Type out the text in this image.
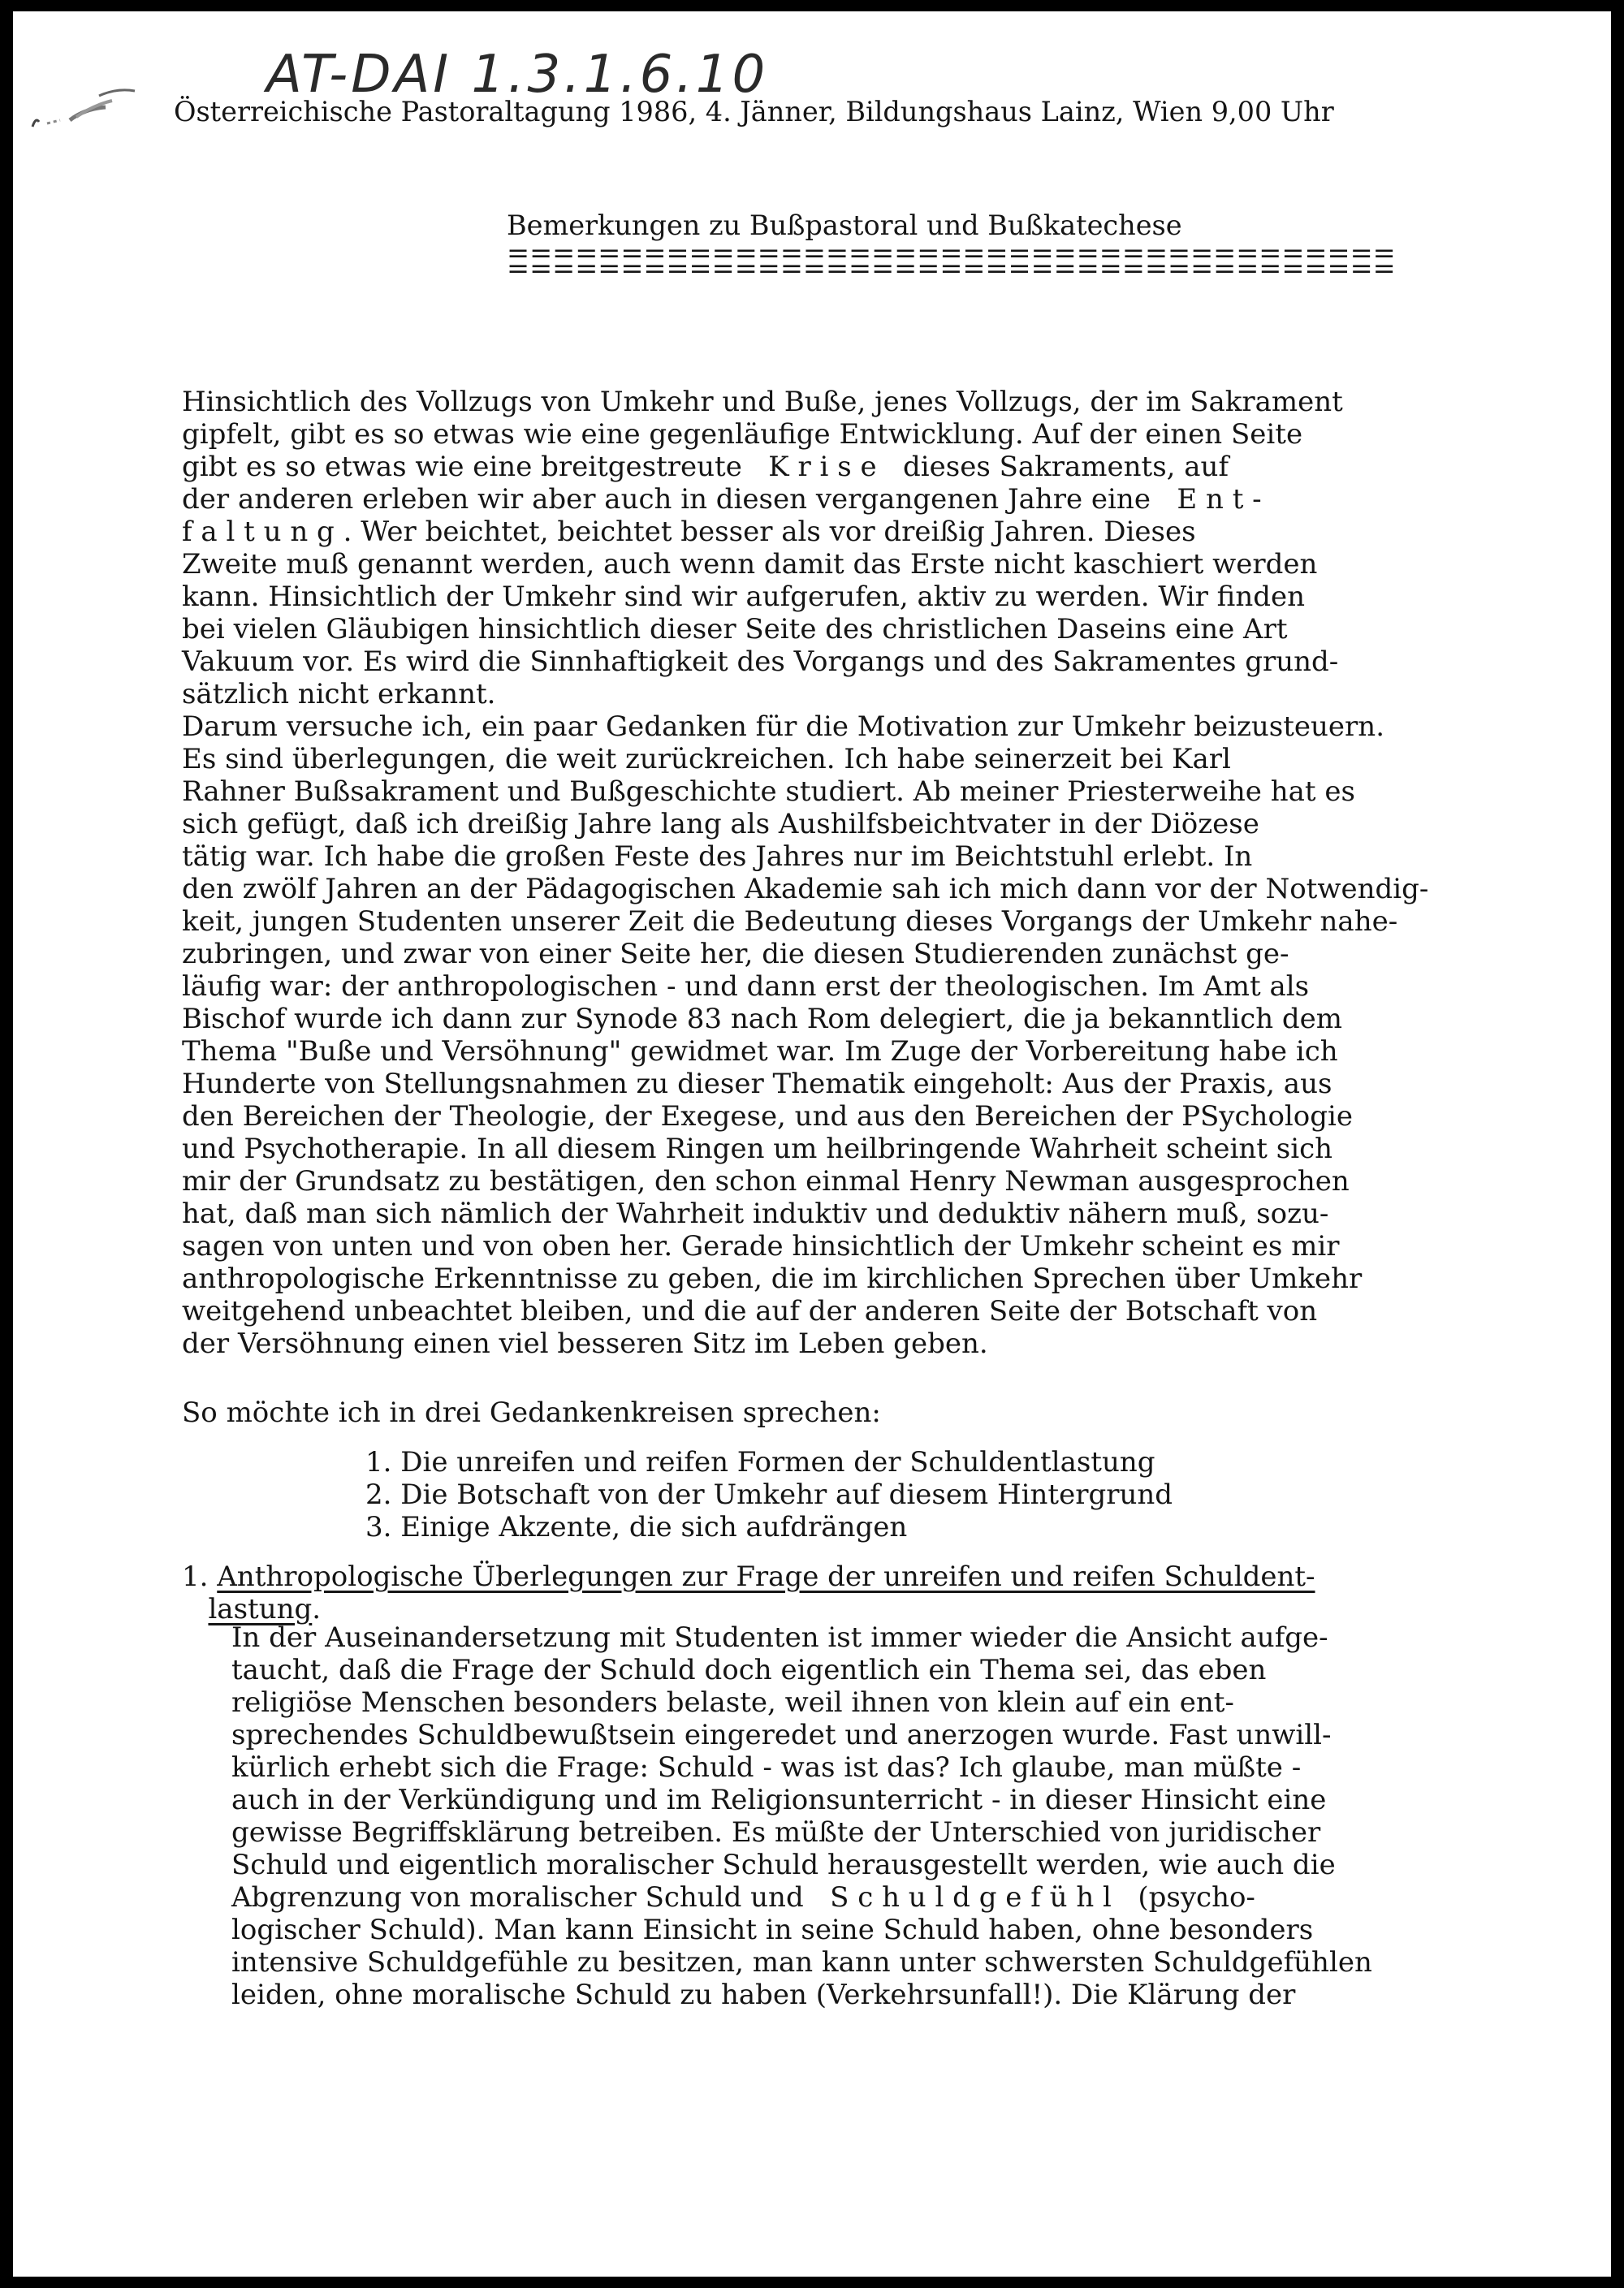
AT-DAI 1.3.1.6.10
Österreichische Pastoraltagung 1986, 4. Jänner, Bildungshaus Lainz, Wien 9,00 Uhr
Bemerkungen zu Bußpastoral und Bußkatechese
=======================================
=======================================
Hinsichtlich des Vollzugs von Umkehr und Buße, jenes Vollzugs, der im Sakrament
gipfelt, gibt es so etwas wie eine gegenläufige Entwicklung. Auf der einen Seite
gibt es so etwas wie eine breitgestreute   K r i s e   dieses Sakraments, auf
der anderen erleben wir aber auch in diesen vergangenen Jahre eine   E n t -
f a l t u n g . Wer beichtet, beichtet besser als vor dreißig Jahren. Dieses
Zweite muß genannt werden, auch wenn damit das Erste nicht kaschiert werden
kann. Hinsichtlich der Umkehr sind wir aufgerufen, aktiv zu werden. Wir finden
bei vielen Gläubigen hinsichtlich dieser Seite des christlichen Daseins eine Art
Vakuum vor. Es wird die Sinnhaftigkeit des Vorgangs und des Sakramentes grund-
sätzlich nicht erkannt.
Darum versuche ich, ein paar Gedanken für die Motivation zur Umkehr beizusteuern.
Es sind überlegungen, die weit zurückreichen. Ich habe seinerzeit bei Karl
Rahner Bußsakrament und Bußgeschichte studiert. Ab meiner Priesterweihe hat es
sich gefügt, daß ich dreißig Jahre lang als Aushilfsbeichtvater in der Diözese
tätig war. Ich habe die großen Feste des Jahres nur im Beichtstuhl erlebt. In
den zwölf Jahren an der Pädagogischen Akademie sah ich mich dann vor der Notwendig-
keit, jungen Studenten unserer Zeit die Bedeutung dieses Vorgangs der Umkehr nahe-
zubringen, und zwar von einer Seite her, die diesen Studierenden zunächst ge-
läufig war: der anthropologischen - und dann erst der theologischen. Im Amt als
Bischof wurde ich dann zur Synode 83 nach Rom delegiert, die ja bekanntlich dem
Thema "Buße und Versöhnung" gewidmet war. Im Zuge der Vorbereitung habe ich
Hunderte von Stellungsnahmen zu dieser Thematik eingeholt: Aus der Praxis, aus
den Bereichen der Theologie, der Exegese, und aus den Bereichen der PSychologie
und Psychotherapie. In all diesem Ringen um heilbringende Wahrheit scheint sich
mir der Grundsatz zu bestätigen, den schon einmal Henry Newman ausgesprochen
hat, daß man sich nämlich der Wahrheit induktiv und deduktiv nähern muß, sozu-
sagen von unten und von oben her. Gerade hinsichtlich der Umkehr scheint es mir
anthropologische Erkenntnisse zu geben, die im kirchlichen Sprechen über Umkehr
weitgehend unbeachtet bleiben, und die auf der anderen Seite der Botschaft von
der Versöhnung einen viel besseren Sitz im Leben geben.
So möchte ich in drei Gedankenkreisen sprechen:
1. Die unreifen und reifen Formen der Schuldentlastung
2. Die Botschaft von der Umkehr auf diesem Hintergrund
3. Einige Akzente, die sich aufdrängen
1. Anthropologische Überlegungen zur Frage der unreifen und reifen Schuldent-
lastung.
In der Auseinandersetzung mit Studenten ist immer wieder die Ansicht aufge-
taucht, daß die Frage der Schuld doch eigentlich ein Thema sei, das eben
religiöse Menschen besonders belaste, weil ihnen von klein auf ein ent-
sprechendes Schuldbewußtsein eingeredet und anerzogen wurde. Fast unwill-
kürlich erhebt sich die Frage: Schuld - was ist das? Ich glaube, man müßte -
auch in der Verkündigung und im Religionsunterricht - in dieser Hinsicht eine
gewisse Begriffsklärung betreiben. Es müßte der Unterschied von juridischer
Schuld und eigentlich moralischer Schuld herausgestellt werden, wie auch die
Abgrenzung von moralischer Schuld und   S c h u l d g e f ü h l   (psycho-
logischer Schuld). Man kann Einsicht in seine Schuld haben, ohne besonders
intensive Schuldgefühle zu besitzen, man kann unter schwersten Schuldgefühlen
leiden, ohne moralische Schuld zu haben (Verkehrsunfall!). Die Klärung der
